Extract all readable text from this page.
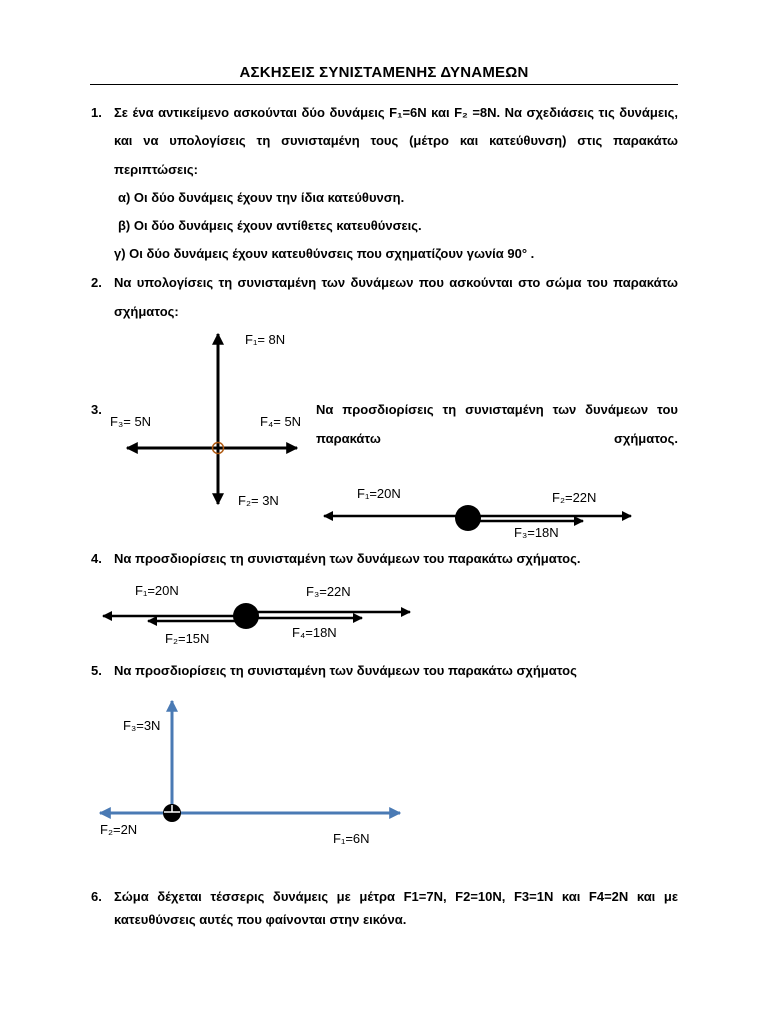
ΑΣΚΗΣΕΙΣ ΣΥΝΙΣΤΑΜΕΝΗΣ ΔΥΝΑΜΕΩΝ
1. Σε ένα αντικείμενο ασκούνται δύο δυνάμεις F₁=6N και F₂ =8N. Να σχεδιάσεις τις δυνάμεις,
και να υπολογίσεις τη συνισταμένη τους (μέτρο και κατεύθυνση) στις παρακάτω
περιπτώσεις:
α) Οι δύο δυνάμεις έχουν την ίδια κατεύθυνση.
β) Οι δύο δυνάμεις έχουν αντίθετες κατευθύνσεις.
γ) Οι δύο δυνάμεις έχουν κατευθύνσεις που σχηματίζουν γωνία 90° .
2. Να υπολογίσεις τη συνισταμένη των δυνάμεων που ασκούνται στο σώμα του παρακάτω
σχήματος:
3.	Να προσδιορίσεις τη συνισταμένη των δυνάμεων του
παρακάτω	σχήματος.
4. Να προσδιορίσεις τη συνισταμένη των δυνάμεων του παρακάτω σχήματος.
5. Να προσδιορίσεις τη συνισταμένη των δυνάμεων του παρακάτω σχήματος
6. Σώμα δέχεται τέσσερις δυνάμεις με μέτρα F1=7N, F2=10N, F3=1N και F4=2N και με
κατευθύνσεις αυτές που φαίνονται στην εικόνα.
F₁= 8N
F₃= 5N	F₄= 5N
F₂= 3N	F₁=20N	F₂=22N
F₃=18N
F₁=20N	F₃=22N
F₂=15N	F₄=18N
F₃=3N
F₂=2N
F₁=6N
